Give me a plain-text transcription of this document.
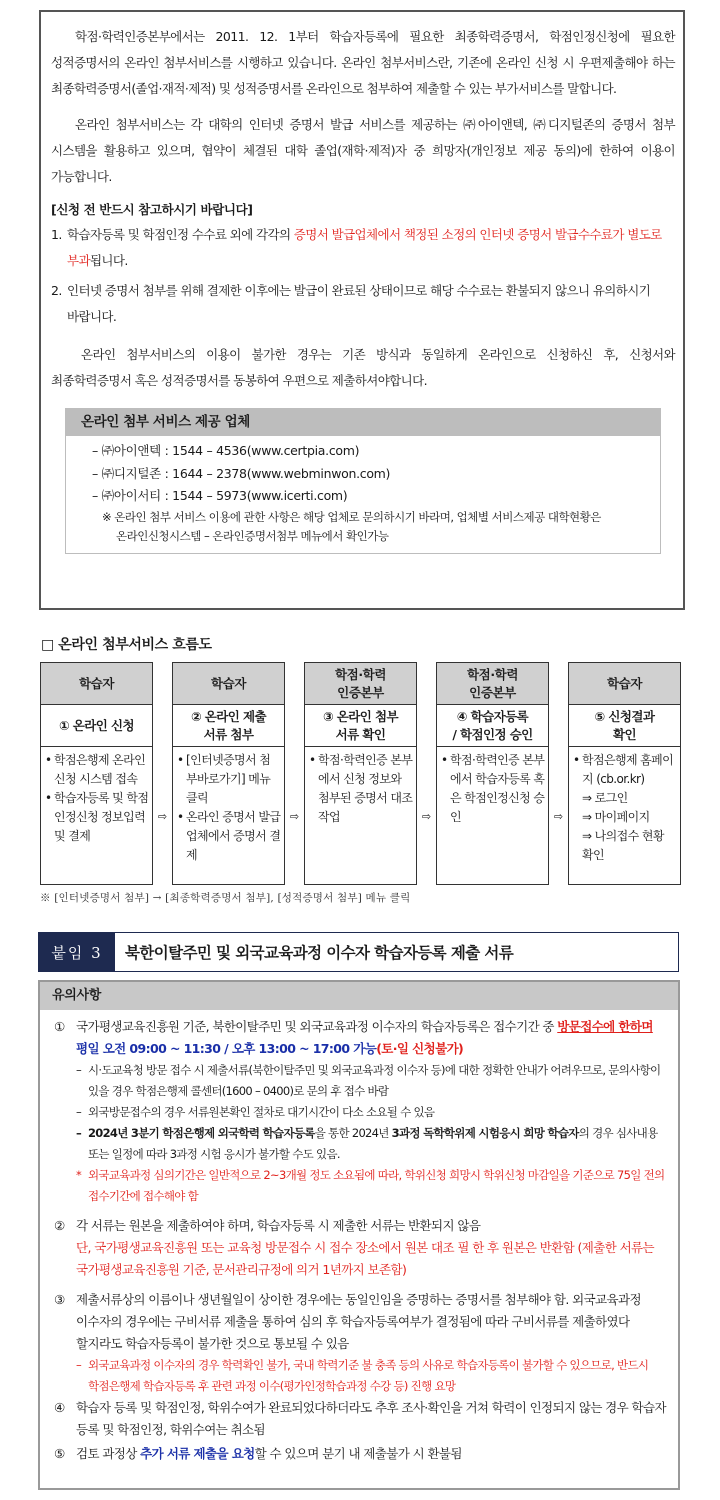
학점·학력인증본부에서는 2011. 12. 1부터 학습자등록에 필요한 최종학력증명서, 학점인정신청에 필요한 성적증명서의 온라인 첨부서비스를 시행하고 있습니다. 온라인 첨부서비스란, 기존에 온라인 신청 시 우편제출해야 하는 최종학력증명서(졸업·재적·제적) 및 성적증명서를 온라인으로 첨부하여 제출할 수 있는 부가서비스를 말합니다.

온라인 첨부서비스는 각 대학의 인터넷 증명서 발급 서비스를 제공하는 ㈜아이앤텍, ㈜디지털존의 증명서 첨부 시스템을 활용하고 있으며, 협약이 체결된 대학 졸업(재학·제적)자 중 희망자(개인정보 제공 동의)에 한하여 이용이 가능합니다.

[신청 전 반드시 참고하시기 바랍니다]
1. 학습자등록 및 학점인정 수수료 외에 각각의 증명서 발급업체에서 책정된 소정의 인터넷 증명서 발급수수료가 별도로 부과됩니다.
2. 인터넷 증명서 첨부를 위해 결제한 이후에는 발급이 완료된 상태이므로 해당 수수료는 환불되지 않으니 유의하시기 바랍니다.

온라인 첨부서비스의 이용이 불가한 경우는 기존 방식과 동일하게 온라인으로 신청하신 후, 신청서와 최종학력증명서 혹은 성적증명서를 동봉하여 우편으로 제출하셔야합니다.

온라인 첨부 서비스 제공 업체
– ㈜아이앤텍 : 1544 – 4536(www.certpia.com)
– ㈜디지털존 : 1644 – 2378(www.webminwon.com)
– ㈜아이서티 : 1544 – 5973(www.icerti.com)
※ 온라인 첨부 서비스 이용에 관한 사항은 해당 업체로 문의하시기 바라며, 업체별 서비스제공 대학현황은
온라인신청시스템 – 온라인증명서첨부 메뉴에서 확인가능
□ 온라인 첨부서비스 흐름도
학습자
① 온라인 신청
• 학점은행제 온라인신청 시스템 접속
• 학습자등록 및 학점인정신청 정보입력 및 결제
⇨
학습자
② 온라인 제출
서류 첨부
• [인터넷증명서 첨부바로가기] 메뉴클릭
• 온라인 증명서 발급업체에서 증명서 결제
⇨
학점·학력
인증본부
③ 온라인 첨부
서류 확인
• 학점·학력인증 본부에서 신청 정보와 첨부된 증명서 대조 작업	⇨
학점·학력
인증본부
④ 학습자등록
/ 학점인정 승인
• 학점·학력인증 본부에서 학습자등록 혹은 학점인정신청 승인	⇨
학습자
⑤ 신청결과
확인
• 학점은행제 홈페이지 (cb.or.kr)
⇒ 로그인
⇒ 마이페이지
⇒ 나의접수 현황 확인
※ [인터넷증명서 첨부] → [최종학력증명서 첨부], [성적증명서 첨부] 메뉴 클릭
붙임 3	북한이탈주민 및 외국교육과정 이수자 학습자등록 제출 서류
유의사항
① 국가평생교육진흥원 기준, 북한이탈주민 및 외국교육과정 이수자의 학습자등록은 접수기간 중 방문접수에 한하며
평일 오전 09:00 ~ 11:30 / 오후 13:00 ~ 17:00 가능(토·일 신청불가)
– 시·도교육청 방문 접수 시 제출서류(북한이탈주민 및 외국교육과정 이수자 등)에 대한 정확한 안내가 어려우므로, 문의사항이 있을 경우 학점은행제 콜센터(1600 – 0400)로 문의 후 접수 바람
– 외국방문접수의 경우 서류원본확인 절차로 대기시간이 다소 소요될 수 있음
– 2024년 3분기 학점은행제 외국학력 학습자등록을 통한 2024년 3과정 독학학위제 시험응시 희망 학습자의 경우 심사내용 또는 일정에 따라 3과정 시험 응시가 불가할 수도 있음.
* 외국교육과정 심의기간은 일반적으로 2~3개월 정도 소요됨에 따라, 학위신청 희망시 학위신청 마감일을 기준으로 75일 전의 접수기간에 접수해야 함
② 각 서류는 원본을 제출하여야 하며, 학습자등록 시 제출한 서류는 반환되지 않음
단, 국가평생교육진흥원 또는 교육청 방문접수 시 접수 장소에서 원본 대조 필 한 후 원본은 반환함 (제출한 서류는 국가평생교육진흥원 기준, 문서관리규정에 의거 1년까지 보존함)
③ 제출서류상의 이름이나 생년월일이 상이한 경우에는 동일인임을 증명하는 증명서를 첨부해야 함. 외국교육과정 이수자의 경우에는 구비서류 제출을 통하여 심의 후 학습자등록여부가 결정됨에 따라 구비서류를 제출하였다 할지라도 학습자등록이 불가한 것으로 통보될 수 있음
– 외국교육과정 이수자의 경우 학력확인 불가, 국내 학력기준 불 충족 등의 사유로 학습자등록이 불가할 수 있으므로, 반드시 학점은행제 학습자등록 후 관련 과정 이수(평가인정학습과정 수강 등) 진행 요망
④ 학습자 등록 및 학점인정, 학위수여가 완료되었다하더라도 추후 조사·확인을 거쳐 학력이 인정되지 않는 경우 학습자 등록 및 학점인정, 학위수여는 취소됨
⑤ 검토 과정상 추가 서류 제출을 요청할 수 있으며 분기 내 제출불가 시 환불됨
